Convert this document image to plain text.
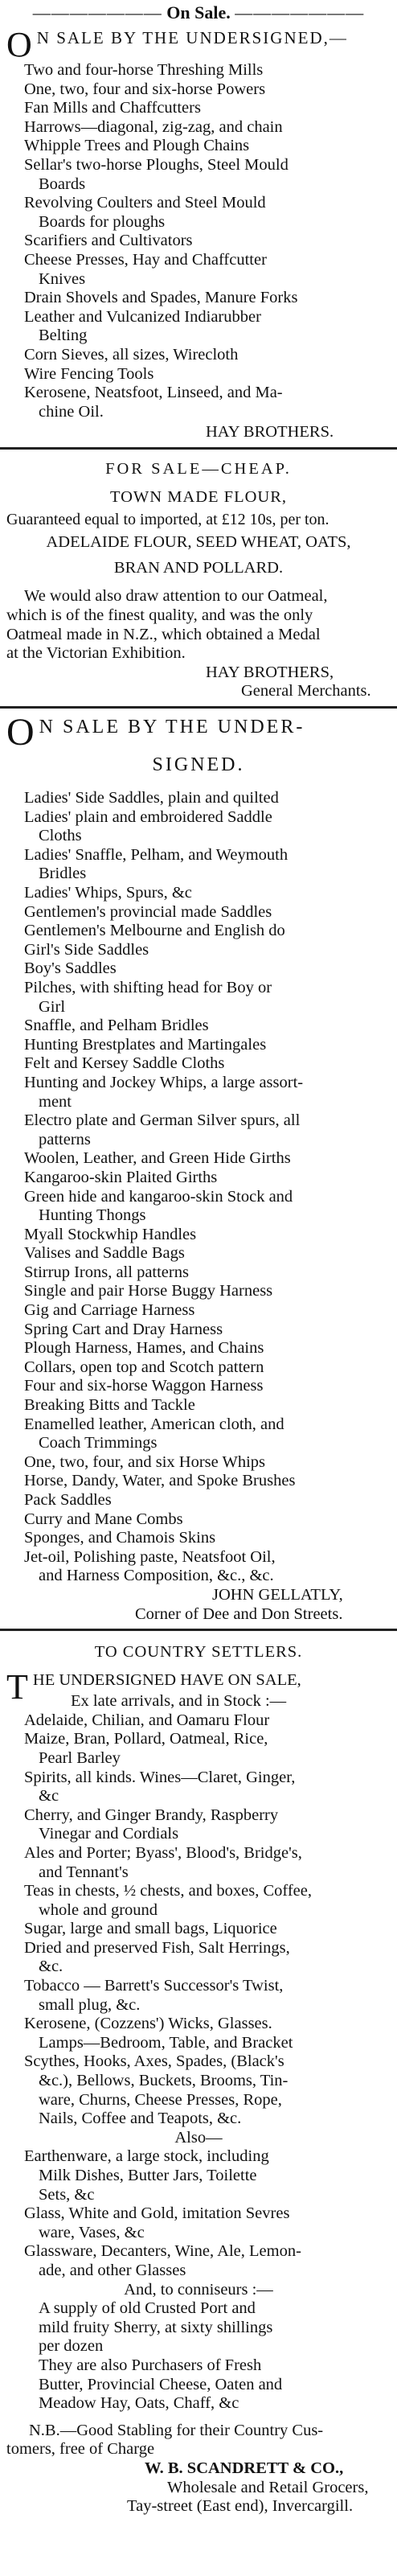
——————— On Sale. ———————
O N SALE BY THE UNDERSIGNED,—
Two and four-horse Threshing Mills
One, two, four and six-horse Powers
Fan Mills and Chaffcutters
Harrows—diagonal, zig-zag, and chain
Whipple Trees and Plough Chains
Sellar's two-horse Ploughs, Steel Mould
Boards
Revolving Coulters and Steel Mould
Boards for ploughs
Scarifiers and Cultivators
Cheese Presses, Hay and Chaffcutter
Knives
Drain Shovels and Spades, Manure Forks
Leather and Vulcanized Indiarubber
Belting
Corn Sieves, all sizes, Wirecloth
Wire Fencing Tools
Kerosene, Neatsfoot, Linseed, and Ma-
chine Oil.
HAY BROTHERS.
FOR SALE—CHEAP.
TOWN MADE FLOUR,
Guaranteed equal to imported, at £12 10s, per ton.
ADELAIDE FLOUR, SEED WHEAT, OATS,
BRAN AND POLLARD.
We would also draw attention to our Oatmeal,
which is of the finest quality, and was the only
Oatmeal made in N.Z., which obtained a Medal
at the Victorian Exhibition.
HAY BROTHERS,
General Merchants.
O N SALE BY THE UNDER-
SIGNED.
Ladies' Side Saddles, plain and quilted
Ladies' plain and embroidered Saddle
Cloths
Ladies' Snaffle, Pelham, and Weymouth
Bridles
Ladies' Whips, Spurs, &c
Gentlemen's provincial made Saddles
Gentlemen's Melbourne and English do
Girl's Side Saddles
Boy's Saddles
Pilches, with shifting head for Boy or
Girl
Snaffle, and Pelham Bridles
Hunting Brestplates and Martingales
Felt and Kersey Saddle Cloths
Hunting and Jockey Whips, a large assort-
ment
Electro plate and German Silver spurs, all
patterns
Woolen, Leather, and Green Hide Girths
Kangaroo-skin Plaited Girths
Green hide and kangaroo-skin Stock and
Hunting Thongs
Myall Stockwhip Handles
Valises and Saddle Bags
Stirrup Irons, all patterns
Single and pair Horse Buggy Harness
Gig and Carriage Harness
Spring Cart and Dray Harness
Plough Harness, Hames, and Chains
Collars, open top and Scotch pattern
Four and six-horse Waggon Harness
Breaking Bitts and Tackle
Enamelled leather, American cloth, and
Coach Trimmings
One, two, four, and six Horse Whips
Horse, Dandy, Water, and Spoke Brushes
Pack Saddles
Curry and Mane Combs
Sponges, and Chamois Skins
Jet-oil, Polishing paste, Neatsfoot Oil,
and Harness Composition, &c., &c.
JOHN GELLATLY,
Corner of Dee and Don Streets.
TO COUNTRY SETTLERS.
T HE UNDERSIGNED HAVE ON SALE,
Ex late arrivals, and in Stock :—
Adelaide, Chilian, and Oamaru Flour
Maize, Bran, Pollard, Oatmeal, Rice,
Pearl Barley
Spirits, all kinds. Wines—Claret, Ginger,
&c
Cherry, and Ginger Brandy, Raspberry
Vinegar and Cordials
Ales and Porter; Byass', Blood's, Bridge's,
and Tennant's
Teas in chests, ½ chests, and boxes, Coffee,
whole and ground
Sugar, large and small bags, Liquorice
Dried and preserved Fish, Salt Herrings,
&c.
Tobacco — Barrett's Successor's Twist,
small plug, &c.
Kerosene, (Cozzens') Wicks, Glasses.
Lamps—Bedroom, Table, and Bracket
Scythes, Hooks, Axes, Spades, (Black's
&c.), Bellows, Buckets, Brooms, Tin-
ware, Churns, Cheese Presses, Rope,
Nails, Coffee and Teapots, &c.
Also—
Earthenware, a large stock, including
Milk Dishes, Butter Jars, Toilette
Sets, &c
Glass, White and Gold, imitation Sevres
ware, Vases, &c
Glassware, Decanters, Wine, Ale, Lemon-
ade, and other Glasses
And, to conniseurs :—
A supply of old Crusted Port and
mild fruity Sherry, at sixty shillings
per dozen
They are also Purchasers of Fresh
Butter, Provincial Cheese, Oaten and
Meadow Hay, Oats, Chaff, &c
N.B.—Good Stabling for their Country Cus-
tomers, free of Charge
W. B. SCANDRETT & CO.,
Wholesale and Retail Grocers,
Tay-street (East end), Invercargill.
